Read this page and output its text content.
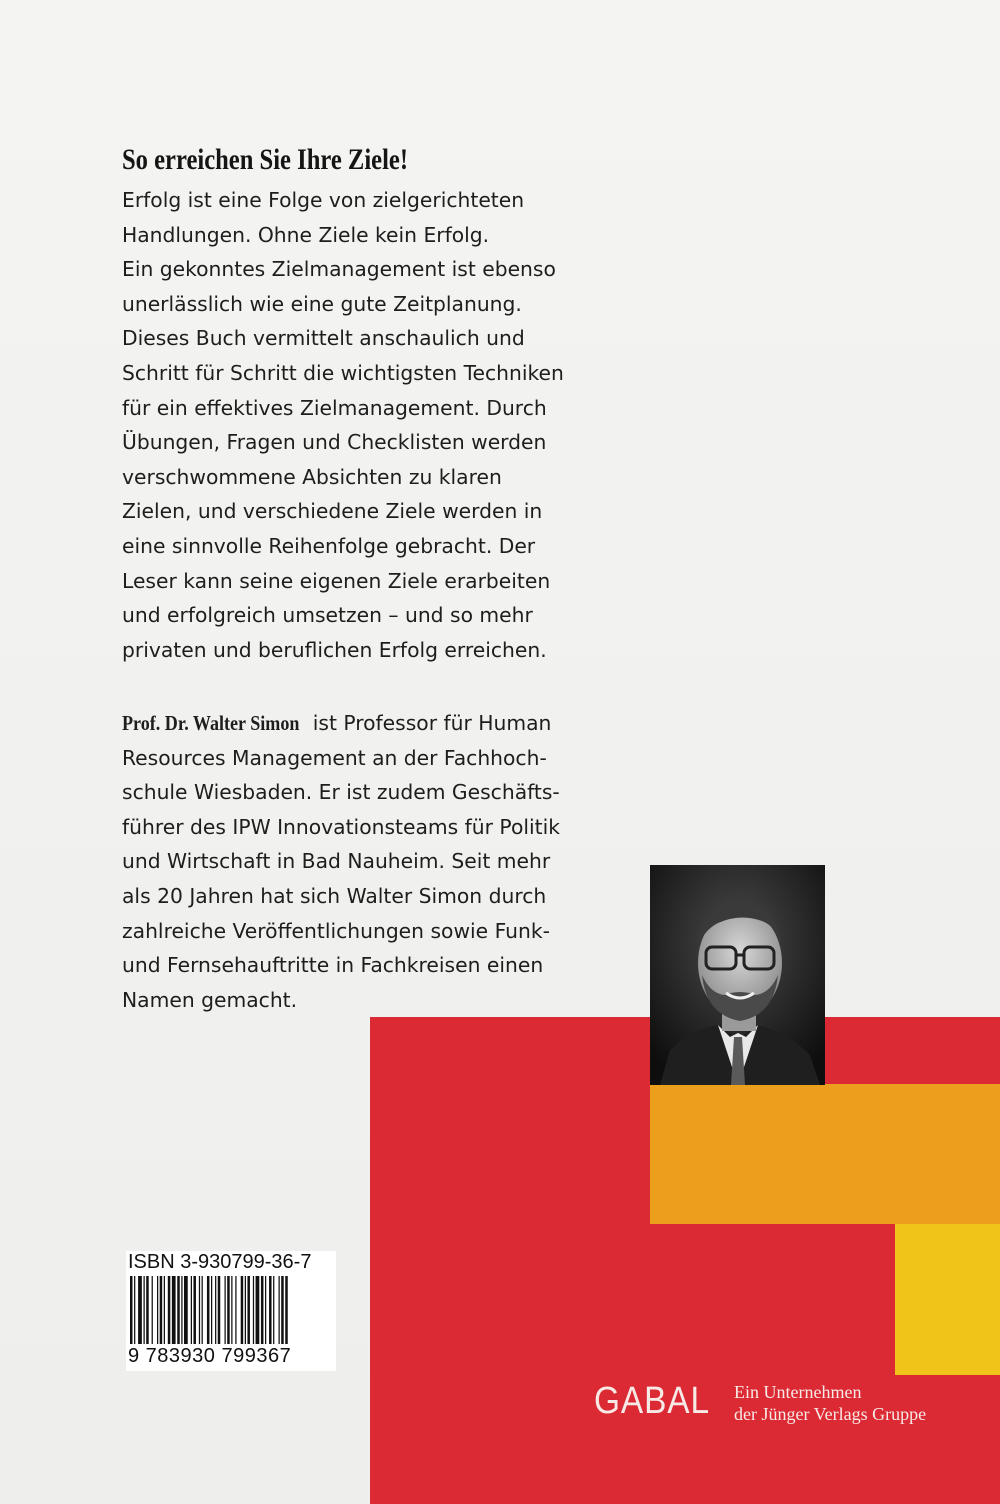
So erreichen Sie Ihre Ziele!
Erfolg ist eine Folge von zielgerichteten
Handlungen. Ohne Ziele kein Erfolg.
Ein gekonntes Zielmanagement ist ebenso
unerlässlich wie eine gute Zeitplanung.
Dieses Buch vermittelt anschaulich und
Schritt für Schritt die wichtigsten Techniken
für ein effektives Zielmanagement. Durch
Übungen, Fragen und Checklisten werden
verschwommene Absichten zu klaren
Zielen, und verschiedene Ziele werden in
eine sinnvolle Reihenfolge gebracht. Der
Leser kann seine eigenen Ziele erarbeiten
und erfolgreich umsetzen – und so mehr
privaten und beruflichen Erfolg erreichen.
Prof. Dr. Walter Simon ist Professor für Human
Resources Management an der Fachhoch-
schule Wiesbaden. Er ist zudem Geschäfts-
führer des IPW Innovationsteams für Politik
und Wirtschaft in Bad Nauheim. Seit mehr
als 20 Jahren hat sich Walter Simon durch
zahlreiche Veröffentlichungen sowie Funk-
und Fernsehauftritte in Fachkreisen einen
Namen gemacht.
ISBN 3-930799-36-7
9 783930 799367
GABAL Ein Unternehmen
der Jünger Verlags Gruppe
